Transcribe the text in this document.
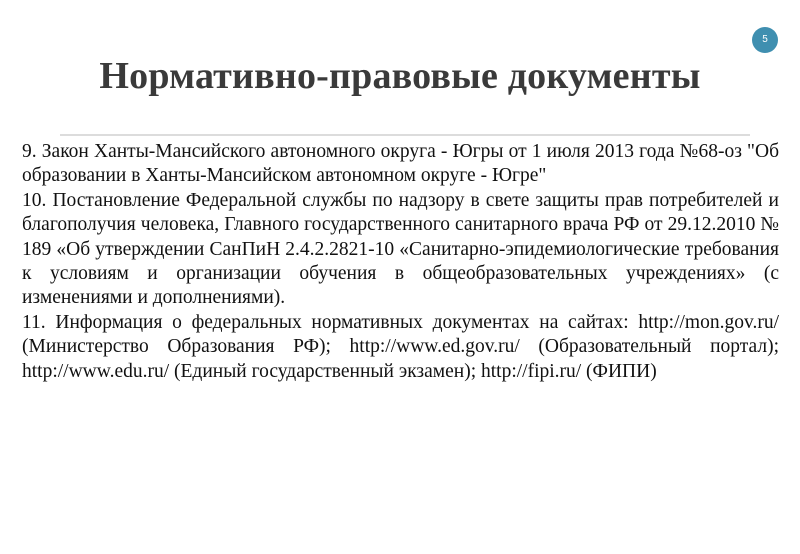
5
Нормативно-правовые документы

9. Закон Ханты-Мансийского автономного округа - Югры от 1 июля 2013 года №68-оз "Об образовании в Ханты-Мансийском автономном округе - Югре"

10. Постановление Федеральной службы по надзору в свете защиты прав потребителей и благополучия человека, Главного государственного санитарного врача РФ от 29.12.2010 № 189 «Об утверждении СанПиН 2.4.2.2821-10 «Санитарно-эпидемиологические требования к условиям и организации обучения в общеобразовательных учреждениях» (с изменениями и дополнениями).

11. Информация о федеральных нормативных документах на сайтах: http://mon.gov.ru/ (Министерство Образования РФ); http://www.ed.gov.ru/ (Образовательный портал); http://www.edu.ru/ (Единый государственный экзамен); http://fipi.ru/ (ФИПИ)
